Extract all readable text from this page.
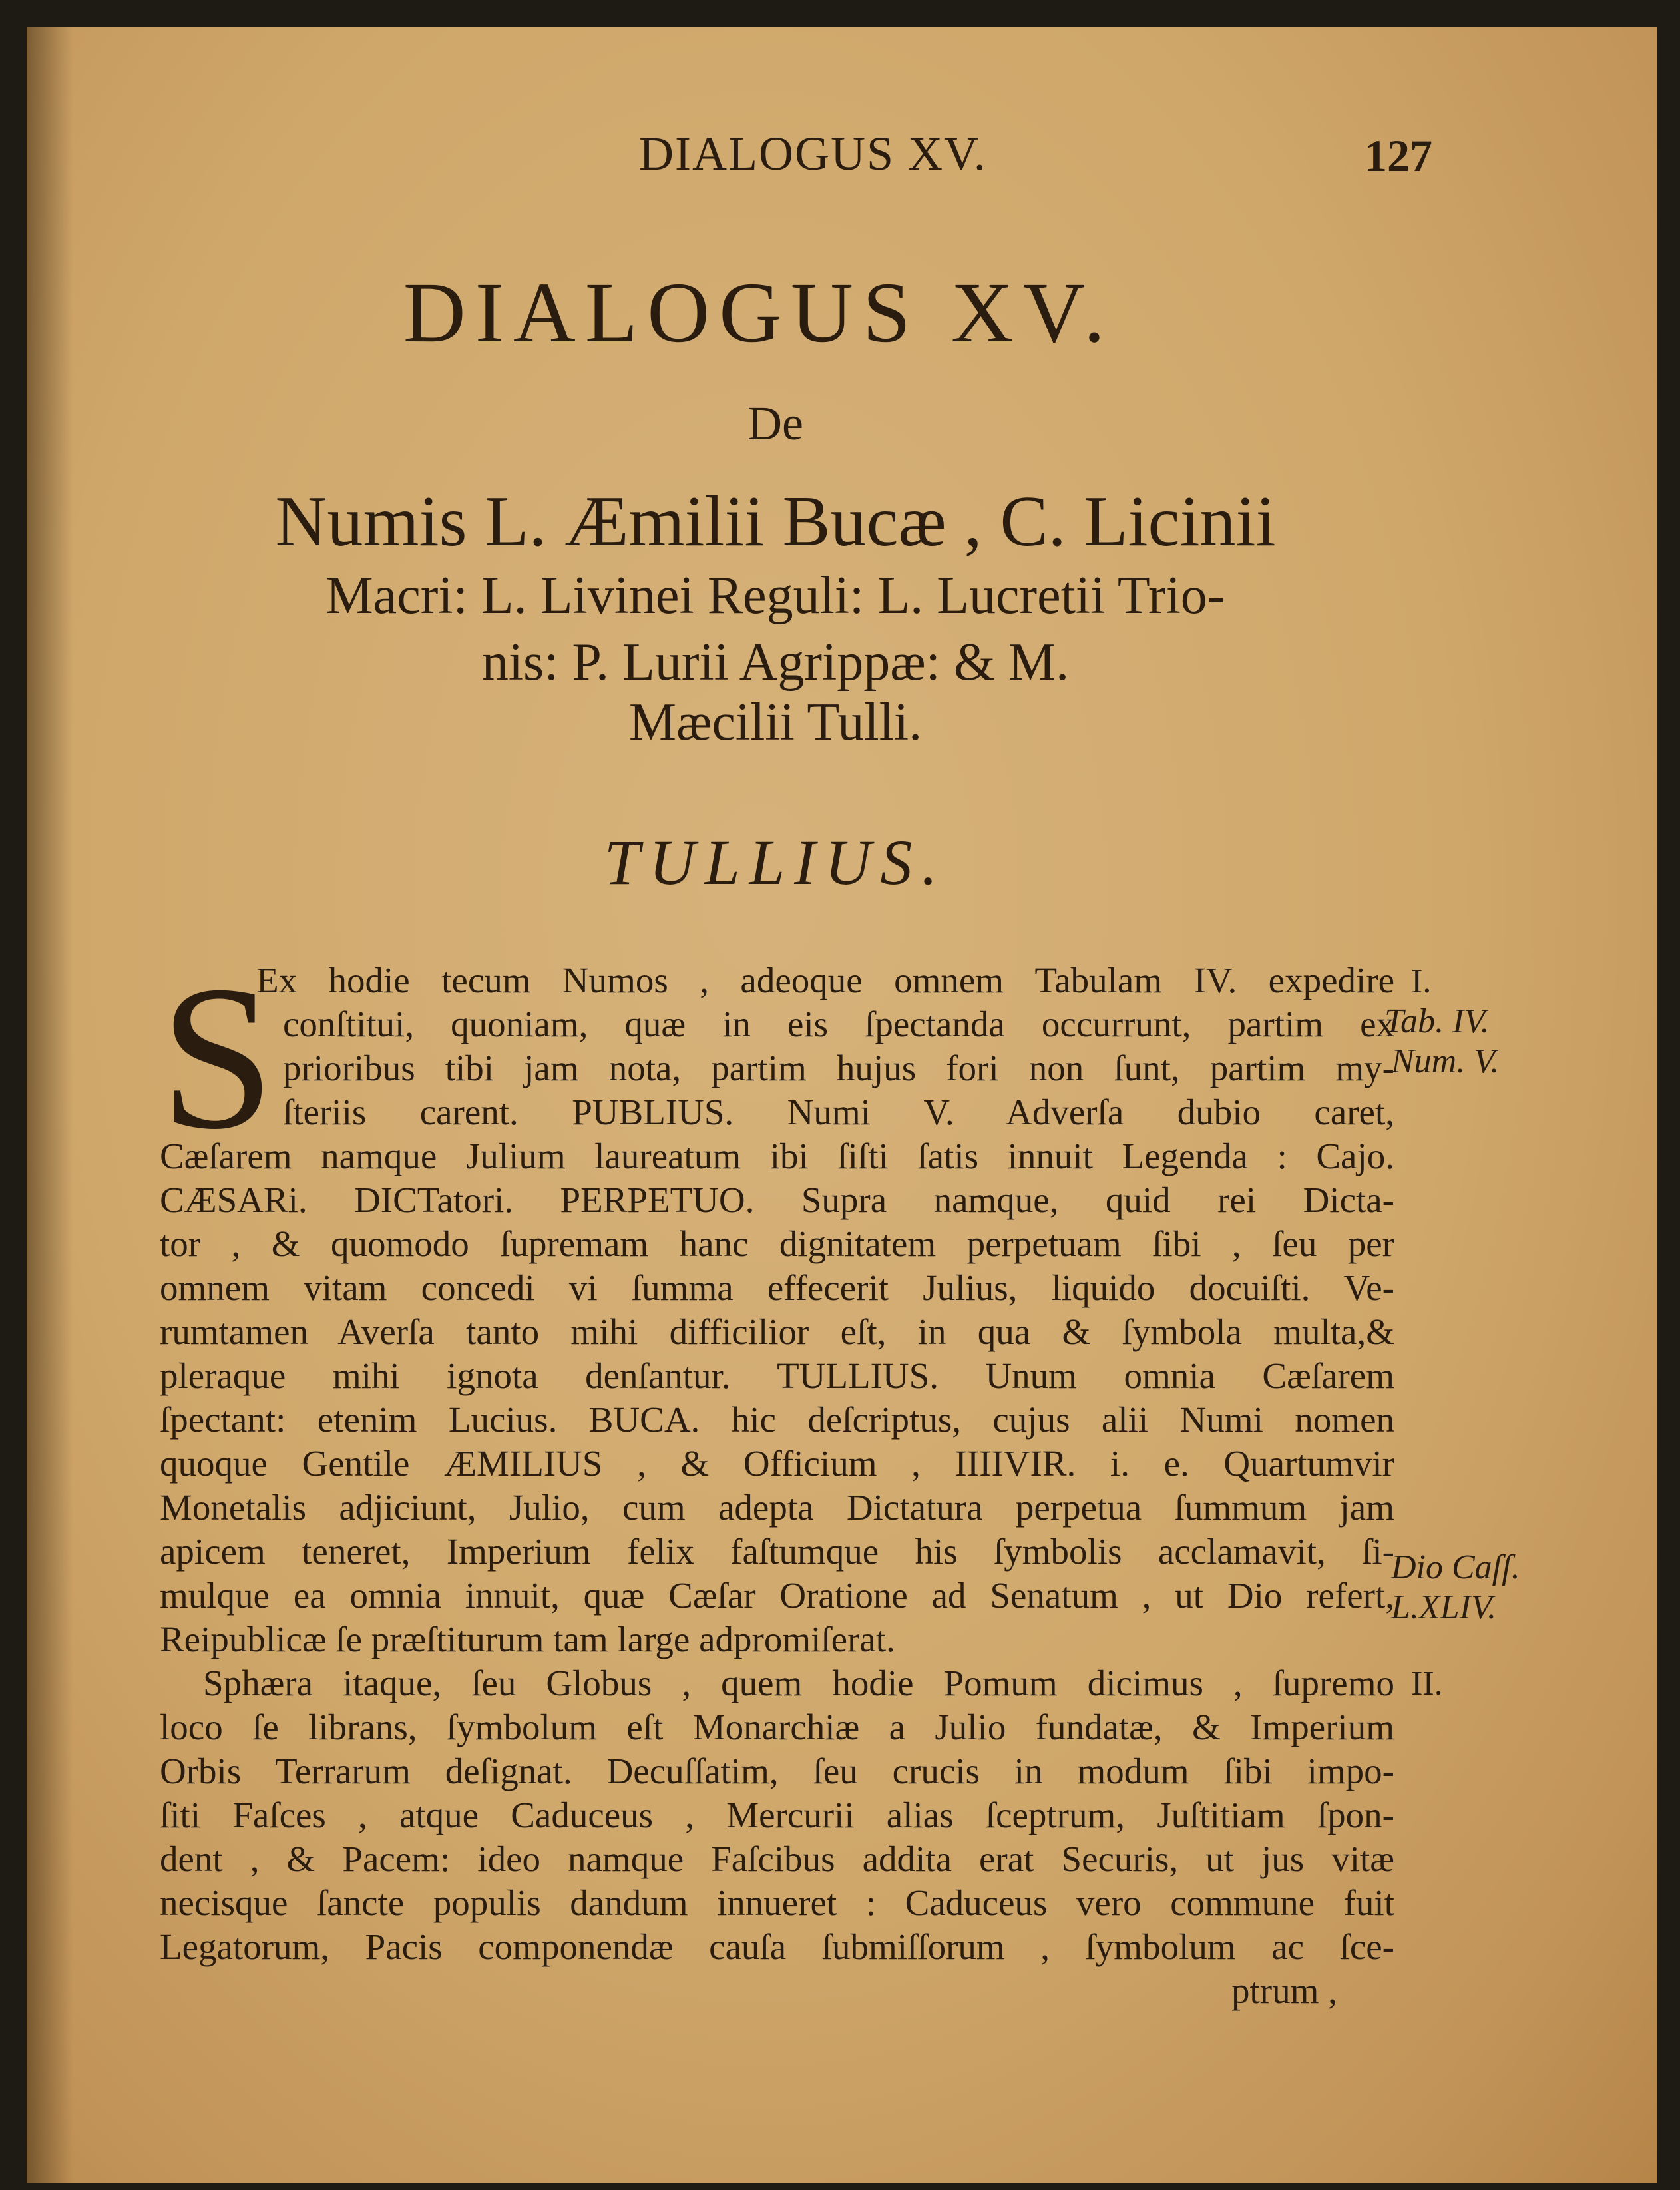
DIALOGUS XV.	127
DIALOGUS XV.
De
Numis L. Æmilii Bucæ , C. Licinii
Macri: L. Livinei Reguli: L. Lucretii Trio-
nis: P. Lurii Agrippæ: & M.
Mæcilii Tulli.
TULLIUS.
S
Ex hodie tecum Numos , adeoque omnem Tabulam IV. expedire
conſtitui, quoniam, quæ in eis ſpectanda occurrunt, partim ex
prioribus tibi jam nota, partim hujus fori non ſunt, partim my-
ſteriis carent. PUBLIUS. Numi V. Adverſa dubio caret,
Cæſarem namque Julium laureatum ibi ſiſti ſatis innuit Legenda : Cajo.
CÆSARi. DICTatori. PERPETUO. Supra namque, quid rei Dicta-
tor , & quomodo ſupremam hanc dignitatem perpetuam ſibi , ſeu per
omnem vitam concedi vi ſumma effecerit Julius, liquido docuiſti. Ve-
rumtamen Averſa tanto mihi difficilior eſt, in qua & ſymbola multa,&
pleraque mihi ignota denſantur. TULLIUS. Unum omnia Cæſarem
ſpectant: etenim Lucius. BUCA. hic deſcriptus, cujus alii Numi nomen
quoque Gentile ÆMILIUS , & Officium , IIIIVIR. i. e. Quartumvir
Monetalis adjiciunt, Julio, cum adepta Dictatura perpetua ſummum jam
apicem teneret, Imperium felix faſtumque his ſymbolis acclamavit, ſi-
mulque ea omnia innuit, quæ Cæſar Oratione ad Senatum , ut Dio refert,
Reipublicæ ſe præſtiturum tam large adpromiſerat.
Sphæra itaque, ſeu Globus , quem hodie Pomum dicimus , ſupremo
loco ſe librans, ſymbolum eſt Monarchiæ a Julio fundatæ, & Imperium
Orbis Terrarum deſignat. Decuſſatim, ſeu crucis in modum ſibi impo-
ſiti Faſces , atque Caduceus , Mercurii alias ſceptrum, Juſtitiam ſpon-
dent , & Pacem: ideo namque Faſcibus addita erat Securis, ut jus vitæ
necisque ſancte populis dandum innueret : Caduceus vero commune fuit
Legatorum, Pacis componendæ cauſa ſubmiſſorum , ſymbolum ac ſce-
ptrum ,
I.
Tab. IV.
Num. V.
Dio Caſſ.
L.XLIV.
II.
